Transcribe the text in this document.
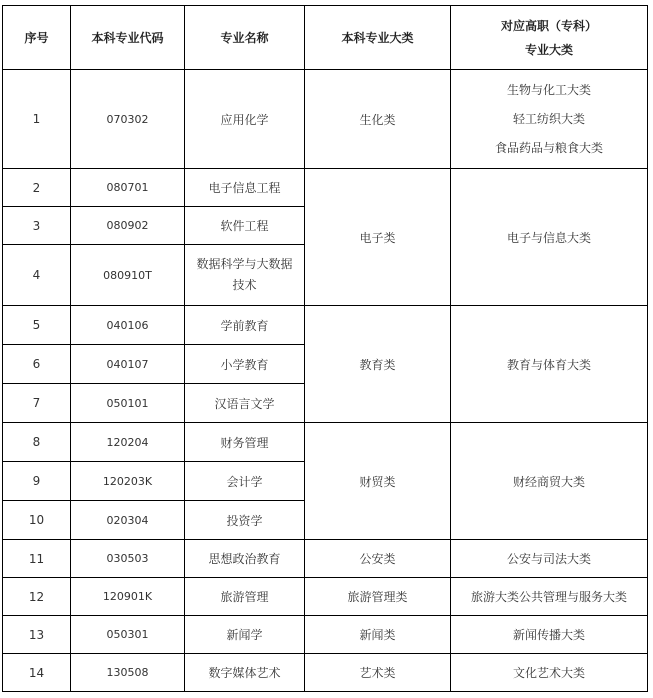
序号	本科专业代码	专业名称	本科专业大类	对应高职（专科）
专业大类

1	070302	应用化学	生化类	生物与化工大类
轻工纺织大类
食品药品与粮食大类

2	080701	电子信息工程	电子类	电子与信息大类
3	080902	软件工程		
4	080910T	数据科学与大数据
技术		

5	040106	学前教育	教育类	教育与体育大类
6	040107	小学教育		
7	050101	汉语言文学		
8	120204	财务管理	财贸类	财经商贸大类
9	120203K	会计学		
10	020304	投资学		
11	030503	思想政治教育	公安类	公安与司法大类
12	120901K	旅游管理	旅游管理类	旅游大类公共管理与服务大类
13	050301	新闻学	新闻类	新闻传播大类
14	130508	数字媒体艺术	艺术类	文化艺术大类
